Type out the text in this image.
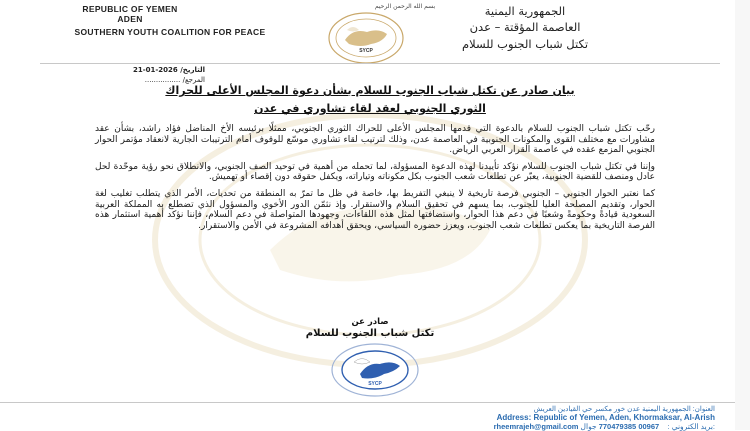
REPUBLIC OF YEMEN
ADEN
SOUTHERN YOUTH COALITION FOR PEACE
بسم الله الرحمن الرحيم
SYCP
الجمهورية اليمنية
العاصمة المؤقتة – عدن
تكتل شباب الجنوب للسلام
التاريخ/ 2026-01-21
المرجع/ ................
بيان صادر عن تكتل شباب الجنوب للسلام بشأن دعوة المجلس الأعلى للحراك
الثوري الجنوبي لعقد لقاء تشاوري في عدن

رحّب تكتل شباب الجنوب للسلام بالدعوة التي قدمها المجلس الأعلى للحراك الثوري الجنوبي، ممثلًا برئيسه الأخ المناضل فؤاد راشد، بشأن عقد مشاورات مع مختلف القوى والمكونات الجنوبية في العاصمة عدن، وذلك لترتيب لقاء تشاوري موسّع للوقوف أمام الترتيبات الجارية لانعقاد مؤتمر الحوار الجنوبي المزمع عقده في عاصمة القرار العربي الرياض.

وإننا في تكتل شباب الجنوب للسلام نؤكد تأييدنا لهذه الدعوة المسؤولة، لما تحمله من أهمية في توحيد الصف الجنوبي، والانطلاق نحو رؤية موحّدة لحل عادل ومنصف للقضية الجنوبية، يعبّر عن تطلعات شعب الجنوب بكل مكوناته وتياراته، ويكفل حقوقه دون إقصاء أو تهميش.

كما نعتبر الحوار الجنوبي – الجنوبي فرصة تاريخية لا ينبغي التفريط بها، خاصة في ظل ما تمرّ به المنطقة من تحديات، الأمر الذي يتطلب تغليب لغة الحوار، وتقديم المصلحة العليا للجنوب، بما يسهم في تحقيق السلام والاستقرار. وإذ نثمّن الدور الأخوي والمسؤول الذي تضطلع به المملكة العربية السعودية قيادةً وحكومةً وشعبًا في دعم هذا الحوار، واستضافتها لمثل هذه اللقاءات، وجهودها المتواصلة في دعم السلام، فإننا نؤكد أهمية استثمار هذه الفرصة التاريخية بما يعكس تطلعات شعب الجنوب، ويعزز حضوره السياسي، ويحقق أهدافه المشروعة في الأمن والاستقرار.

صادر عن
تكتل شباب الجنوب للسلام
SYCP
العنوان: الجمهورية اليمنية عدن خور مكسر حي القيادين العريش
Address: Republic of Yemen, Aden, Khormaksar, Al-Arish
rheemrajeh@gmail.com	بريد الكتروني :    00967 770479385 جوال:
